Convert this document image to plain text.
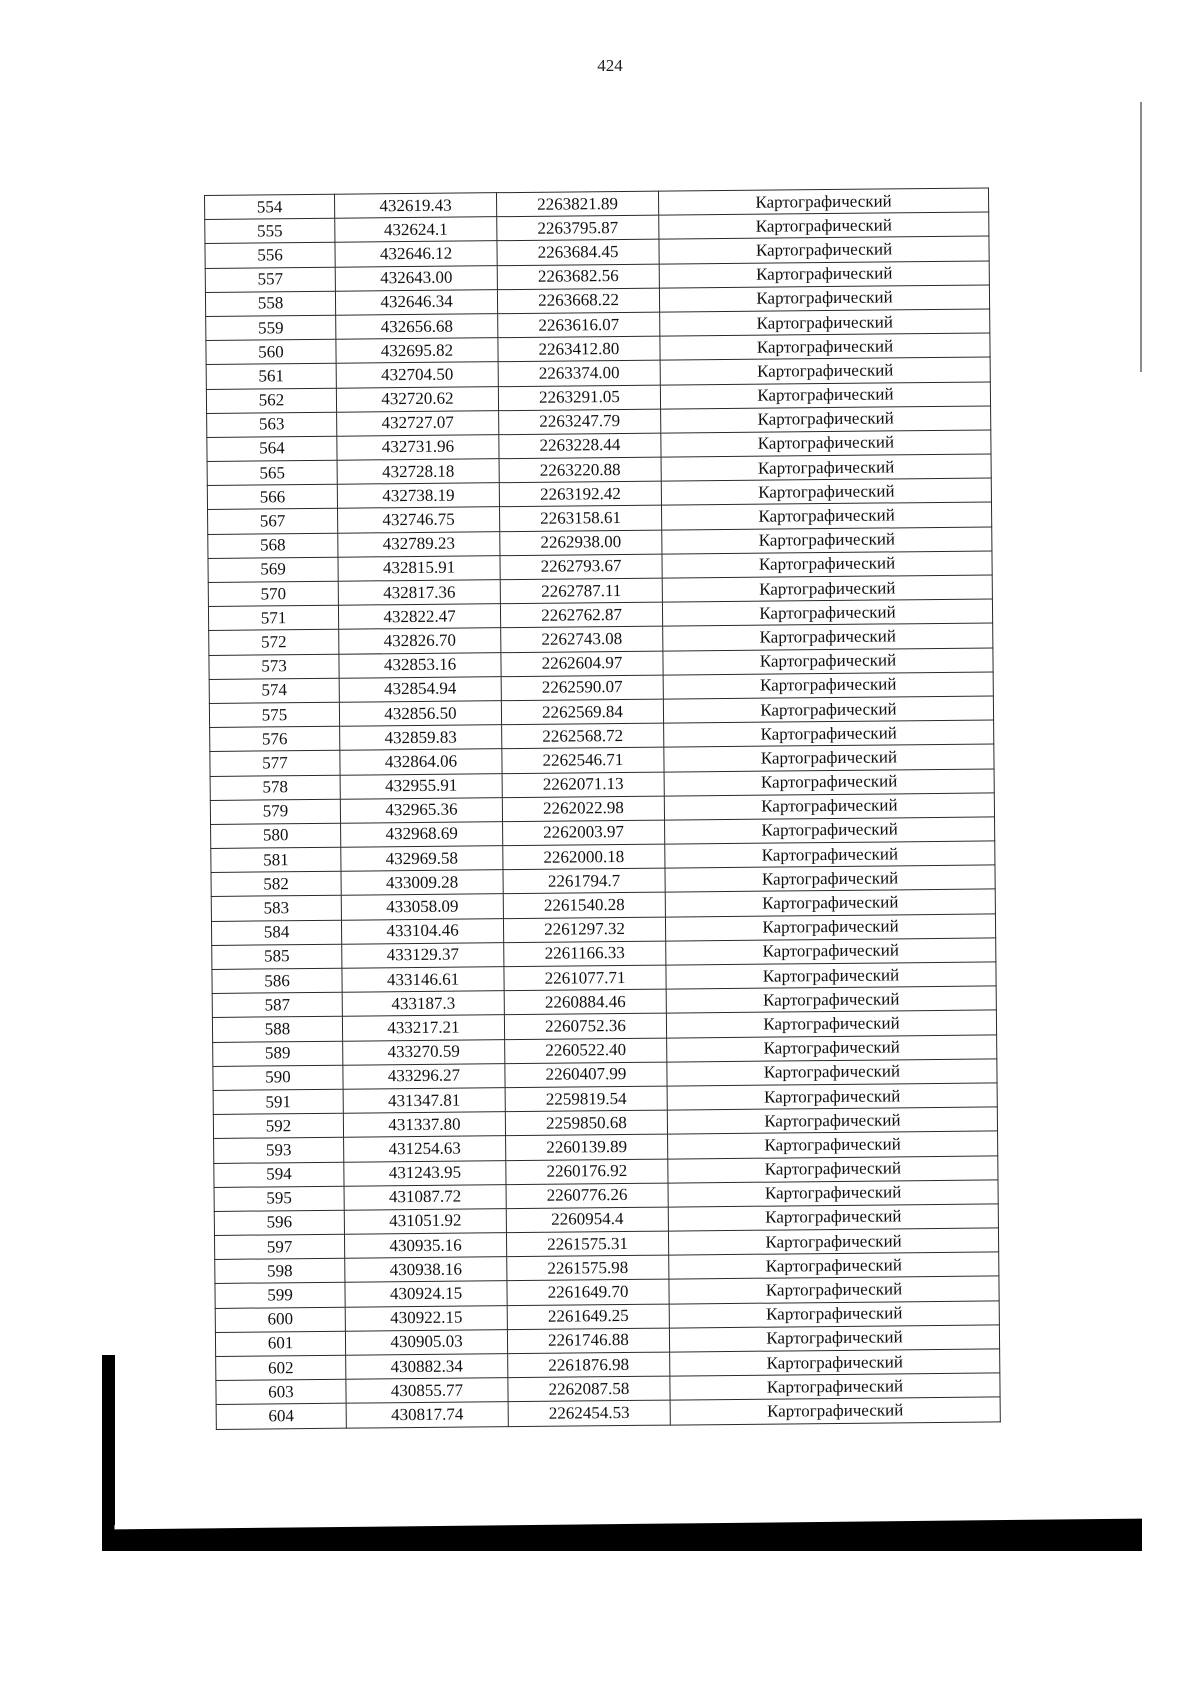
424
554	432619.43	2263821.89	Картографический
555	432624.1	2263795.87	Картографический
556	432646.12	2263684.45	Картографический
557	432643.00	2263682.56	Картографический
558	432646.34	2263668.22	Картографический
559	432656.68	2263616.07	Картографический
560	432695.82	2263412.80	Картографический
561	432704.50	2263374.00	Картографический
562	432720.62	2263291.05	Картографический
563	432727.07	2263247.79	Картографический
564	432731.96	2263228.44	Картографический
565	432728.18	2263220.88	Картографический
566	432738.19	2263192.42	Картографический
567	432746.75	2263158.61	Картографический
568	432789.23	2262938.00	Картографический
569	432815.91	2262793.67	Картографический
570	432817.36	2262787.11	Картографический
571	432822.47	2262762.87	Картографический
572	432826.70	2262743.08	Картографический
573	432853.16	2262604.97	Картографический
574	432854.94	2262590.07	Картографический
575	432856.50	2262569.84	Картографический
576	432859.83	2262568.72	Картографический
577	432864.06	2262546.71	Картографический
578	432955.91	2262071.13	Картографический
579	432965.36	2262022.98	Картографический
580	432968.69	2262003.97	Картографический
581	432969.58	2262000.18	Картографический
582	433009.28	2261794.7	Картографический
583	433058.09	2261540.28	Картографический
584	433104.46	2261297.32	Картографический
585	433129.37	2261166.33	Картографический
586	433146.61	2261077.71	Картографический
587	433187.3	2260884.46	Картографический
588	433217.21	2260752.36	Картографический
589	433270.59	2260522.40	Картографический
590	433296.27	2260407.99	Картографический
591	431347.81	2259819.54	Картографический
592	431337.80	2259850.68	Картографический
593	431254.63	2260139.89	Картографический
594	431243.95	2260176.92	Картографический
595	431087.72	2260776.26	Картографический
596	431051.92	2260954.4	Картографический
597	430935.16	2261575.31	Картографический
598	430938.16	2261575.98	Картографический
599	430924.15	2261649.70	Картографический
600	430922.15	2261649.25	Картографический
601	430905.03	2261746.88	Картографический
602	430882.34	2261876.98	Картографический
603	430855.77	2262087.58	Картографический
604	430817.74	2262454.53	Картографический
